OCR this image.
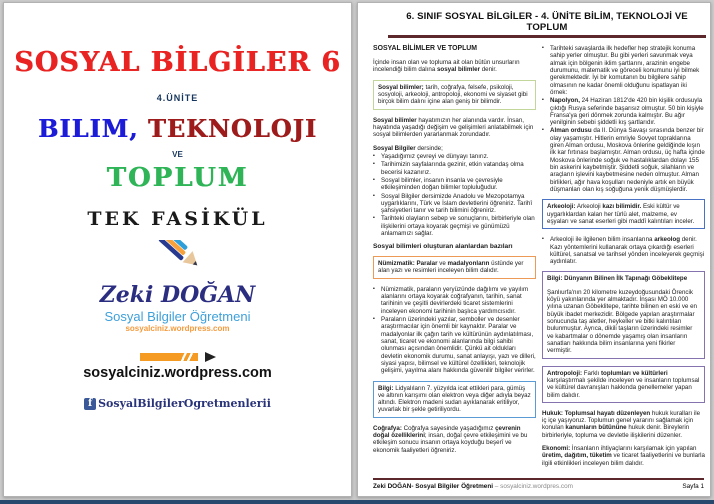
SOSYAL BİLGİLER 6
4.ÜNİTE
BILIM, TEKNOLOJI
VE
TOPLUM
TEK FASİKÜL
Zeki DOĞAN
Sosyal Bilgiler Öğretmeni
sosyalciniz.wordpress.com
sosyalciniz.wordpress.com
f SosyalBilgilerOgretmenlerii
6. SINIF SOSYAL BİLGİLER - 4. ÜNİTE BİLİM, TEKNOLOJİ VE TOPLUM
SOSYAL BİLİMLER VE TOPLUM
İçinde insan olan ve topluma ait olan bütün unsurların incelendiği bilim dalına sosyal bilimler denir.
Sosyal bilimler; tarih, coğrafya, felsefe, psikoloji, sosyoloji, arkeoloji, antropoloji, ekonomi ve siyaset gibi birçok bilim dalını içine alan geniş bir bilimdir.
Sosyal bilimler hayatımızın her alanında vardır. İnsan, hayatında yaşadığı değişim ve gelişimleri anlatabilmek için sosyal bilimlerden yararlanmak zorundadır.
Sosyal Bilgiler dersinde;
▪ Yaşadığımız çevreyi ve dünyayı tanırız.
▪ Tarihimizin sayfalarında gezinir, etkin vatandaş olma becerisi kazanırız.
▪ Sosyal bilimler, insanın insanla ve çevresiyle etkileşiminden doğan bilimler topluluğudur.
▪ Sosyal Bilgiler dersimizde Anadolu ve Mezopotamya uygarlıklarını, Türk ve İslam devletlerini öğreniriz. Tarihî şahsiyetleri tanır ve tarih bilimini öğreniriz.
▪ Tarihteki olayların sebep ve sonuçlarını, birbirleriyle olan ilişkilerini ortaya koyarak geçmişi ve günümüzü anlamamızı sağlar.
Sosyal bilimleri oluşturan alanlardan bazıları
Nümizmatik: Paralar ve madalyonların üstünde yer alan yazı ve resimleri inceleyen bilim dalıdır.
▪ Nümizmatik, paraların yeryüzünde dağılımı ve yayılım alanlarını ortaya koyarak coğrafyanın, tarihin, sanat tarihinin ve çeşitli devirlerdeki ticaret sistemlerini inceleyen ekonomi tarihinin başlıca yardımcısıdır.
▪ Paraların üzerindeki yazılar, semboller ve desenler araştırmacılar için önemli bir kaynaktır. Paralar ve madalyonlar ilk çağın tarih ve kültürünün aydınlatılması, sanat, ticaret ve ekonomi alanlarında bilgi sahibi olunması açısından önemlidir. Çünkü ait oldukları devletin ekonomik durumu, sanat anlayışı, yazı ve dilleri, siyasi yapısı, bilimsel ve kültürel özellikleri, teknolojik gelişimi, yayılma alanı hakkında güvenilir bilgiler verirler.
Bilgi: Lidyalıların 7. yüzyılda icat ettikleri para, gümüş ve altının karışımı olan elektron veya diğer adıyla beyaz altındı. Elektron madeni sudan ayıklanarak eritiliyor, yuvarlak bir şekle getiriliyordu.
Coğrafya: Coğrafya sayesinde yaşadığımız çevrenin doğal özelliklerini; insan, doğal çevre etkileşimini ve bu etkileşim sonucu insanın ortaya koyduğu beşerî ve ekonomik faaliyetleri öğreniriz.
▪ Tarihteki savaşlarda ilk hedefler hep stratejik konuma sahip yerler olmuştur. Bu gibi yerleri savunmak veya almak için bölgenin iklim şartlarını, arazinin engebe durumunu, matematik ve göreceli konumunu iyi bilmek gerekmektedir. İyi bir komutanın bu bilgilere sahip olmasının ne kadar önemli olduğunu ispatlayan iki örnek:
▪ Napolyon, 24 Haziran 1812'de 420 bin kişilik ordusuyla çıktığı Rusya seferinde başarısız olmuştur. 50 bin kişiyle Fransa'ya geri dönmek zorunda kalmıştır. Bu ağır yenilginin sebebi şiddetli kış şartlarıdır.
▪ Alman ordusu da II. Dünya Savaşı sırasında benzer bir olay yaşamıştır. Hitlerin emriyle Sovyet topraklarına giren Alman ordusu, Moskova önlerine geldiğinde kışın ilk kar fırtınası başlamıştır. Alman ordusu, üç hafta içinde Moskova önlerinde soğuk ve hastalıklardan dolayı 155 bin askerini kaybetmiştir. Şiddetli soğuk, silahların ve araçların işlevini kaybetmesine neden olmuştur. Alman birlikleri, ağır hava koşulları nedeniyle artık en büyük düşmanları olan kış soğuğuna yenik düşmüşlerdir.
Arkeoloji: Arkeoloji kazı bilimidir. Eski kültür ve uygarlıklardan kalan her türlü alet, malzeme, ev eşyaları ve sanat eserleri gibi maddî kalıntıları inceler.
▪ Arkeoloji ile ilgilenen bilim insanlarına arkeolog denir. Kazı yöntemlerini kullanarak ortaya çıkardığı eserleri kültürel, sanatsal ve tarihsel yönden inceleyerek geçmişi aydınlatır.
Bilgi: Dünyanın Bilinen İlk Tapınağı Göbeklitepe
Şanlıurfa'nın 20 kilometre kuzeydoğusundaki Örencik köyü yakınlarında yer almaktadır. İnşası MÖ 10.000 yılına uzanan Göbeklitepe, tarihte bilinen en eski ve en büyük ibadet merkezidir. Bölgede yapılan araştırmalar sonucunda taş aletler, heykeller ve bitki kalıntıları bulunmuştur. Ayrıca, dikili taşların üzerindeki resimler ve kabartmalar o dönemde yaşamış olan insanların sanatları hakkında bilim insanlarına yeni fikirler vermiştir.
Antropoloji: Farklı toplumları ve kültürleri karşılaştırmalı şekilde inceleyen ve insanların toplumsal ve kültürel davranışları hakkında genellemeler yapan bilim dalıdır.
Hukuk: Toplumsal hayatı düzenleyen hukuk kuralları ile iç içe yaşıyoruz. Toplumun genel yararını sağlamak için konulan kanunların bütününe hukuk denir. Bireylerin birbirleriyle, topluma ve devletle ilişkilerini düzenler.
Ekonomi: İnsanların ihtiyaçlarını karşılamak için yapılan üretim, dağıtım, tüketim ve ticaret faaliyetlerini ve bunlarla ilgili etkinlikleri inceleyen bilim dalıdır.
Zeki DOĞAN- Sosyal Bilgiler Öğretmeni – sosyalciniz.wordpres.com	Sayfa 1
